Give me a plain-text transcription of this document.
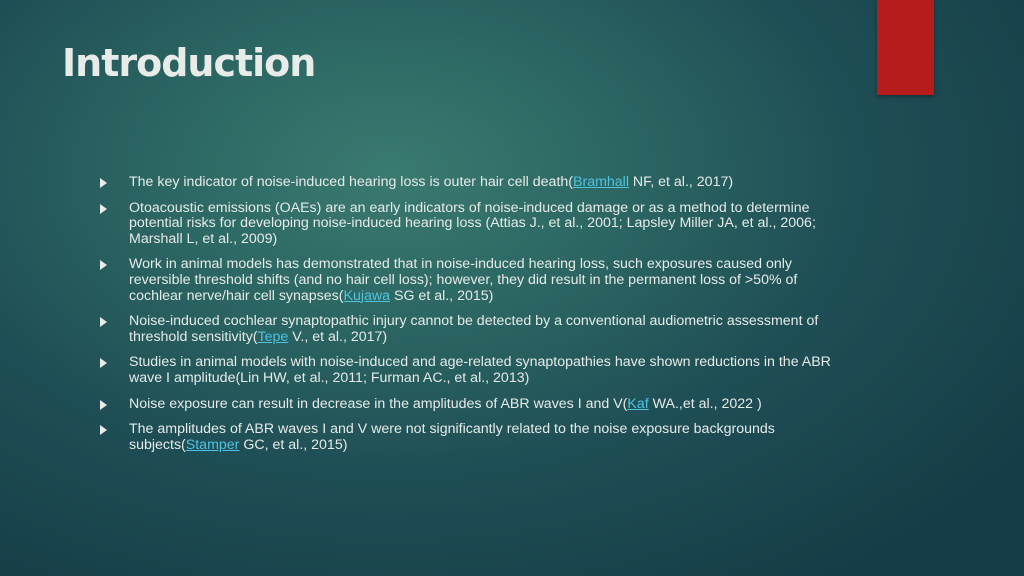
Introduction
The key indicator of noise-induced hearing loss is outer hair cell death(Bramhall NF, et al., 2017)
Otoacoustic emissions (OAEs) are an early indicators of noise-induced damage or as a method to determine potential risks for developing noise-induced hearing loss (Attias J., et al., 2001; Lapsley Miller JA, et al., 2006; Marshall L, et al., 2009)
Work in animal models has demonstrated that in noise-induced hearing loss, such exposures caused only reversible threshold shifts (and no hair cell loss); however, they did result in the permanent loss of >50% of cochlear nerve/hair cell synapses(Kujawa SG et al., 2015)
Noise-induced cochlear synaptopathic injury cannot be detected by a conventional audiometric assessment of threshold sensitivity(Tepe V., et al., 2017)
Studies in animal models with noise-induced and age-related synaptopathies have shown reductions in the ABR wave I amplitude(Lin HW, et al., 2011; Furman AC., et al., 2013)
Noise exposure can result in decrease in the amplitudes of ABR waves I and V(Kaf WA.,et al., 2022 )
The amplitudes of ABR waves I and V were not significantly related to the noise exposure backgrounds subjects(Stamper GC, et al., 2015)
